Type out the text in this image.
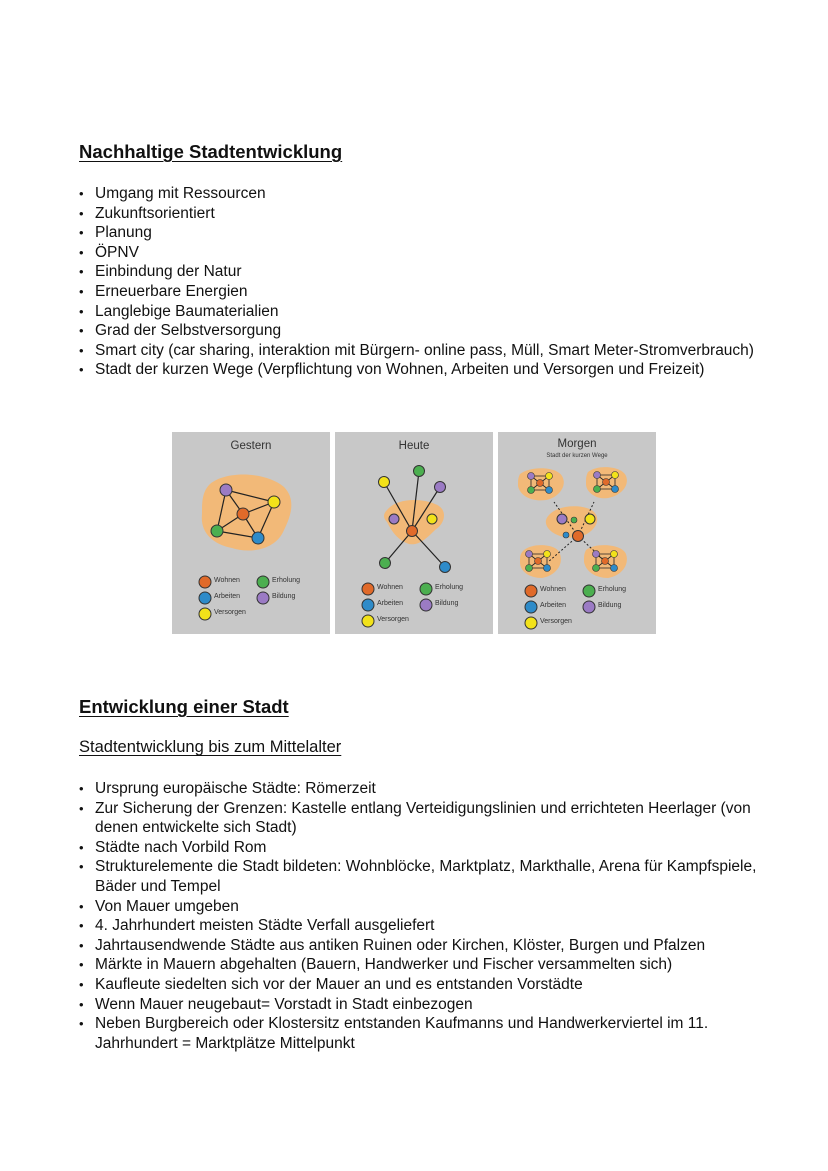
Nachhaltige Stadtentwicklung
• Umgang mit Ressourcen
• Zukunftsorientiert
• Planung
• ÖPNV
• Einbindung der Natur
• Erneuerbare Energien
• Langlebige Baumaterialien
• Grad der Selbstversorgung
• Smart city (car sharing, interaktion mit Bürgern- online pass, Müll, Smart Meter-Stromverbrauch)
• Stadt der kurzen Wege (Verpflichtung von Wohnen, Arbeiten und Versorgen und Freizeit)
Entwicklung einer Stadt
Stadtentwicklung bis zum Mittelalter
• Ursprung europäische Städte: Römerzeit
• Zur Sicherung der Grenzen: Kastelle entlang Verteidigungslinien und errichteten Heerlager (von denen entwickelte sich Stadt)
• Städte nach Vorbild Rom
• Strukturelemente die Stadt bildeten: Wohnblöcke, Marktplatz, Markthalle, Arena für Kampfspiele, Bäder und Tempel
• Von Mauer umgeben
• 4. Jahrhundert meisten Städte Verfall ausgeliefert
• Jahrtausendwende Städte aus antiken Ruinen oder Kirchen, Klöster, Burgen und Pfalzen
• Märkte in Mauern abgehalten (Bauern, Handwerker und Fischer versammelten sich)
• Kaufleute siedelten sich vor der Mauer an und es entstanden Vorstädte
• Wenn Mauer neugebaut= Vorstadt in Stadt einbezogen
• Neben Burgbereich oder Klostersitz entstanden Kaufmanns und Handwerkerviertel im 11. Jahrhundert = Marktplätze Mittelpunkt
Gestern
Wohnen	Erholung
Arbeiten	Bildung
Versorgen
Heute
Wohnen	Erholung
Arbeiten	Bildung
Versorgen
Morgen
Stadt der kurzen Wege
Wohnen	Erholung
Arbeiten	Bildung
Versorgen
